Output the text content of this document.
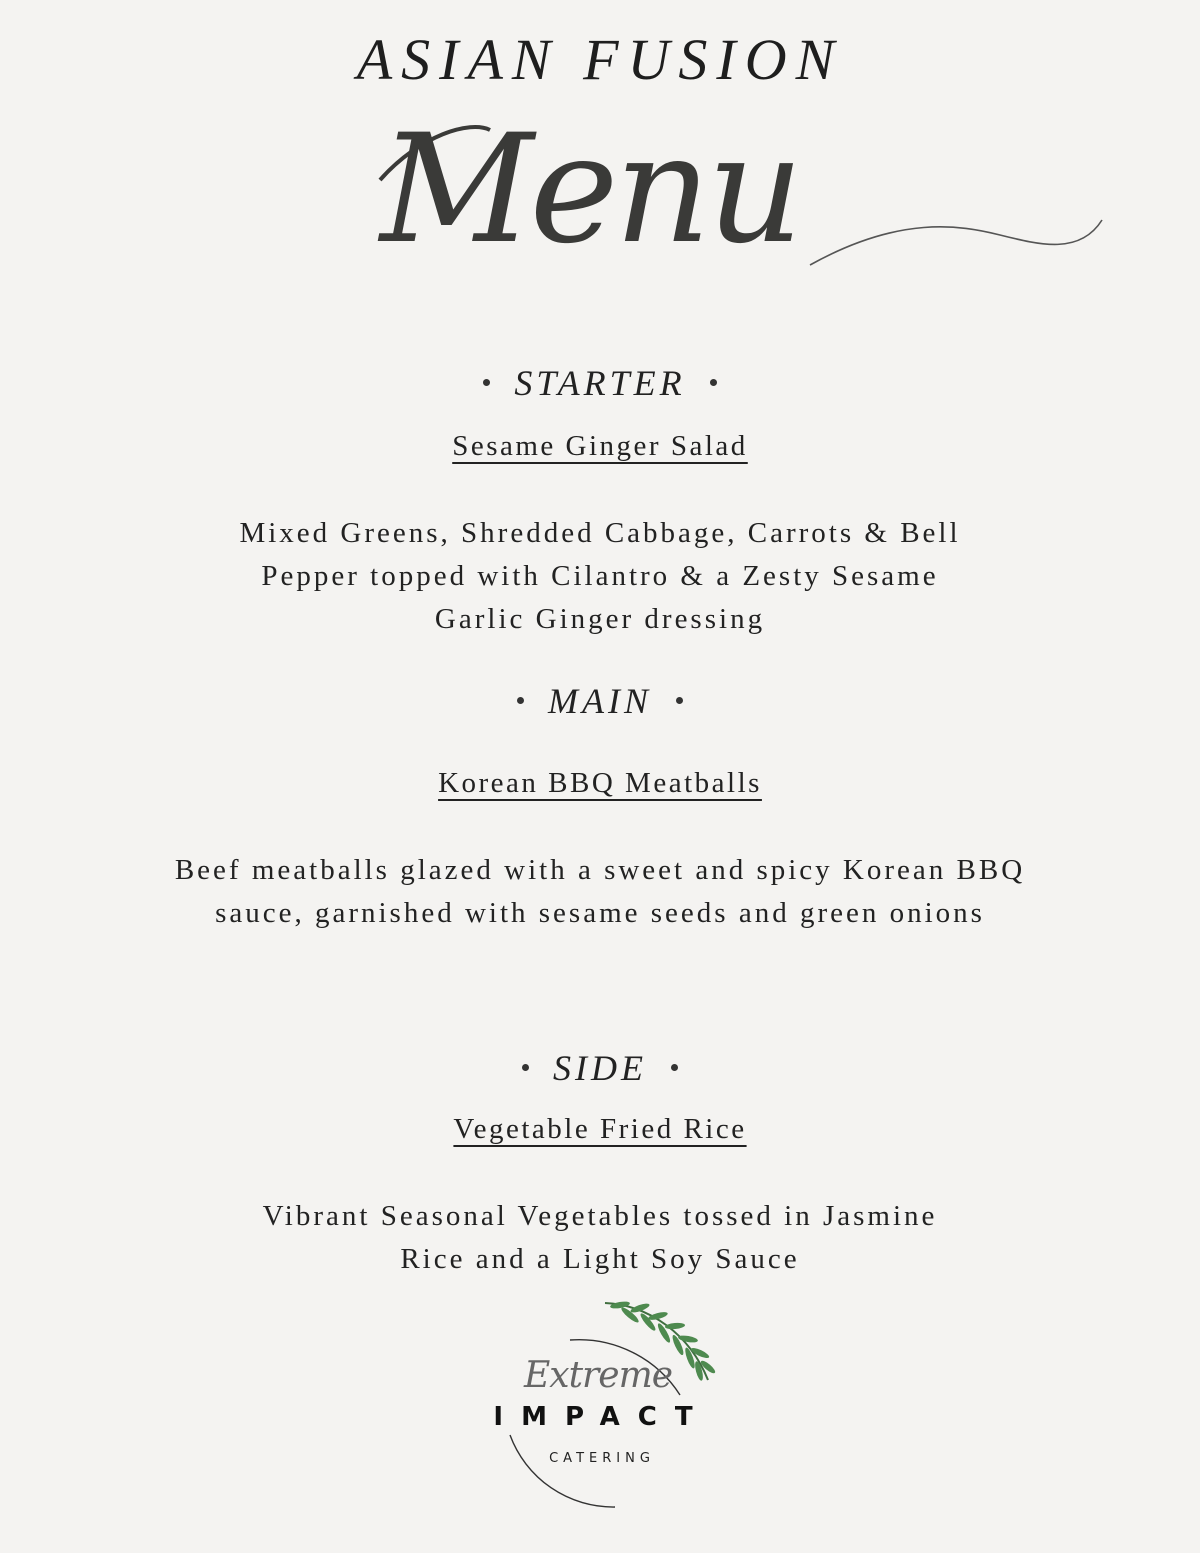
ASIAN FUSION
Menu
STARTER
Sesame Ginger Salad
Mixed Greens, Shredded Cabbage, Carrots & Bell
Pepper topped with Cilantro & a Zesty Sesame
Garlic Ginger dressing
MAIN
Korean BBQ Meatballs
Beef meatballs glazed with a sweet and spicy Korean BBQ
sauce, garnished with sesame seeds and green onions
SIDE
Vegetable Fried Rice
Vibrant Seasonal Vegetables tossed in Jasmine
Rice and a Light Soy Sauce
Extreme
IMPACT
CATERING
